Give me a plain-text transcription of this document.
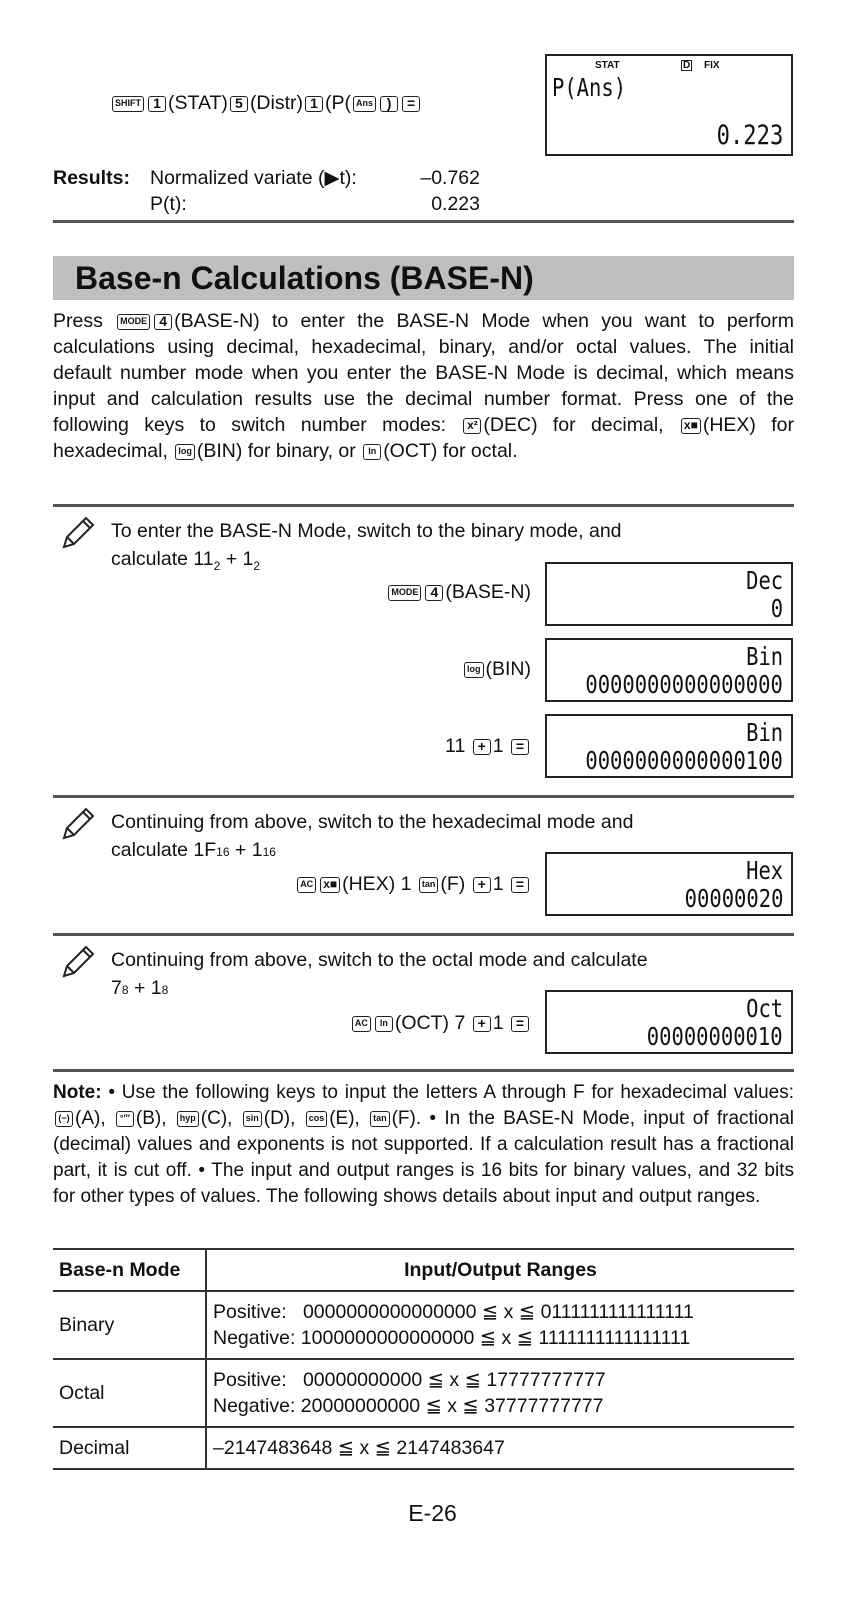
SHIFT 1 (STAT) 5 (Distr) 1 (P( Ans ) =
STAT	D FIX
P(Ans)
0.223
Results: Normalized variate (▶t):	–0.762
P(t):	0.223
Base-n Calculations (BASE-N)
Press MODE 4 (BASE-N) to enter the BASE-N Mode when you want to perform calculations using decimal, hexadecimal, binary, and/or octal values. The initial default number mode when you enter the BASE-N Mode is decimal, which means input and calculation results use the decimal number format. Press one of the following keys to switch number modes: x² (DEC) for decimal, x■ (HEX) for hexadecimal, log (BIN) for binary, or ln (OCT) for octal.
To enter the BASE-N Mode, switch to the binary mode, and
calculate $11_2 + 1_2$
MODE 4 (BASE-N)	Dec
0
log (BIN)	Bin
0000000000000000
11 + 1 =	Bin
0000000000000100
Continuing from above, switch to the hexadecimal mode and
calculate 1F16 + 116
AC x■ (HEX) 1 tan (F) + 1 =	Hex
00000020
Continuing from above, switch to the octal mode and calculate
78 + 18
AC ln (OCT) 7 + 1 =	Oct
00000000010
Note: • Use the following keys to input the letters A through F for hexadecimal values: (−) (A), °′″ (B), hyp (C), sin (D), cos (E), tan (F). • In the BASE-N Mode, input of fractional (decimal) values and exponents is not supported. If a calculation result has a fractional part, it is cut off. • The input and output ranges is 16 bits for binary values, and 32 bits for other types of values. The following shows details about input and output ranges.
Base-n Mode	Input/Output Ranges
Binary	Positive:   0000000000000000 ≦ x ≦ 0111111111111111
Negative: 1000000000000000 ≦ x ≦ 1111111111111111

Octal	Positive:   00000000000 ≦ x ≦ 17777777777
Negative: 20000000000 ≦ x ≦ 37777777777

Decimal	–2147483648 ≦ x ≦ 2147483647
E-26
